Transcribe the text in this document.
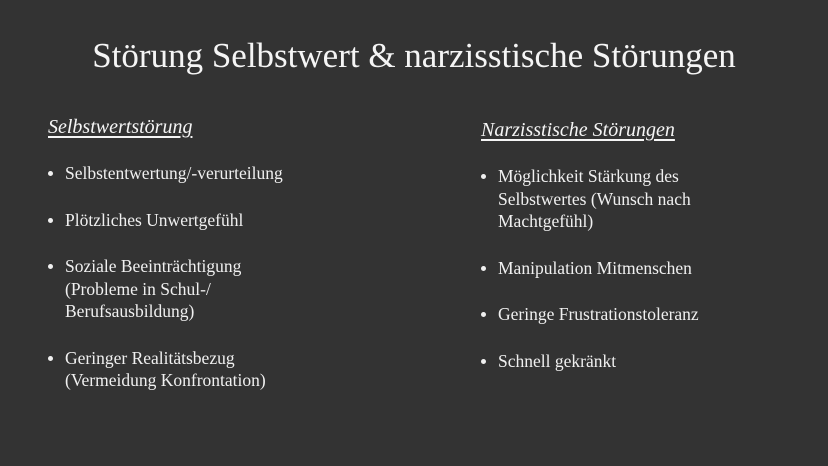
Störung Selbstwert & narzisstische Störungen
Selbstwertstörung
Selbstentwertung/-verurteilung
Plötzliches Unwertgefühl
Soziale Beeinträchtigung
(Probleme in Schul-/
Berufsausbildung)
Geringer Realitätsbezug
(Vermeidung Konfrontation)
Narzisstische Störungen
Möglichkeit Stärkung des
Selbstwertes (Wunsch nach
Machtgefühl)
Manipulation Mitmenschen
Geringe Frustrationstoleranz
Schnell gekränkt
